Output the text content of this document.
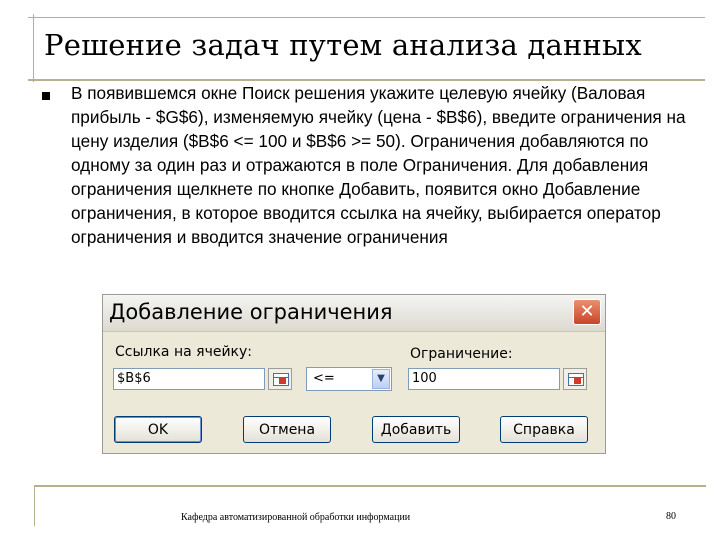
Решение задач путем анализа данных
В появившемся окне Поиск решения укажите целевую ячейку (Валовая прибыль - $G$6), изменяемую ячейку (цена - $B$6), введите ограничения на цену изделия ($B$6 <= 100 и $B$6 >= 50). Ограничения добавляются по одному за один раз и отражаются в поле Ограничения. Для добавления ограничения щелкнете по кнопке Добавить, появится окно Добавление ограничения, в которое вводится ссылка на ячейку, выбирается оператор ограничения и вводится значение ограничения
Добавление ограничения	✕
Ссылка на ячейку:
$B$6	<=	▼
Ограничение:
100
OK	Отмена	Добавить	Справка
Кафедра автоматизированной обработки информации	80
